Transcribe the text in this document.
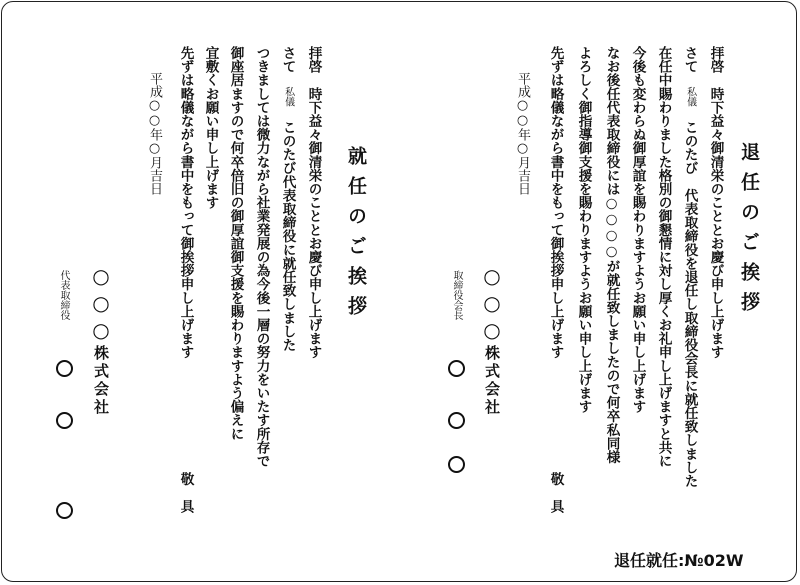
退任のご挨拶
拝啓　時下益々御清栄のこととお慶び申し上げます
さて　私儀　このたび　代表取締役を退任し取締役会長に就任致しました
在任中賜わりました格別の御懇情に対し厚くお礼申し上げますと共に
今後も変わらぬ御厚誼を賜わりますようお願い申し上げます
なお後任代表取締役には○○○○が就任致しましたので何卒私同様
よろしく御指導御支援を賜わりますようお願い申し上げます
先ずは略儀ながら書中をもって御挨拶申し上げます
敬具
平成○○年○月吉日
○○○株式会社
取締役会長
就任のご挨拶
拝啓　時下益々御清栄のこととお慶び申し上げます
さて　私儀　このたび代表取締役に就任致しました
つきましては微力ながら社業発展の為今後一層の努力をいたす所存で
御座居ますので何卒倍旧の御厚誼御支援を賜わりますよう偏えに
宜敷くお願い申し上げます
先ずは略儀ながら書中をもって御挨拶申し上げます
敬具
平成○○年○月吉日
○○○株式会社
代表取締役
退任就任:№02W
